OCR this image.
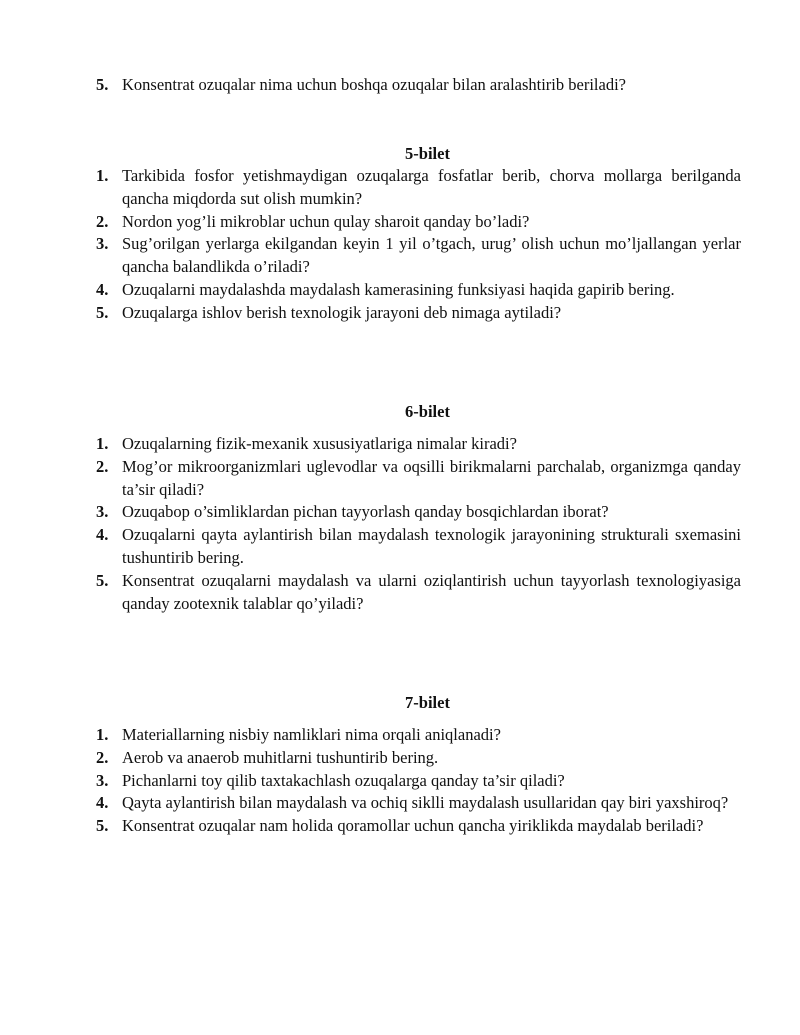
5. Konsentrat ozuqalar nima uchun boshqa ozuqalar bilan aralashtirib beriladi?
5-bilet
1. Tarkibida fosfor yetishmaydigan ozuqalarga fosfatlar berib, chorva mollarga berilganda qancha miqdorda sut olish mumkin?
2. Nordon yog’li mikroblar uchun qulay sharoit qanday bo’ladi?
3. Sug’orilgan yerlarga ekilgandan keyin 1 yil o’tgach, urug’ olish uchun mo’ljallangan yerlar qancha balandlikda o’riladi?
4. Ozuqalarni maydalashda maydalash kamerasining funksiyasi haqida gapirib bering.
5. Ozuqalarga ishlov berish texnologik jarayoni deb nimaga aytiladi?
6-bilet
1. Ozuqalarning fizik-mexanik xususiyatlariga nimalar kiradi?
2. Mog’or mikroorganizmlari uglevodlar va oqsilli birikmalarni parchalab, organizmga qanday ta’sir qiladi?
3. Ozuqabop o’simliklardan pichan tayyorlash qanday bosqichlardan iborat?
4. Ozuqalarni qayta aylantirish bilan maydalash texnologik jarayonining strukturali sxemasini tushuntirib bering.
5. Konsentrat ozuqalarni maydalash va ularni oziqlantirish uchun tayyorlash texnologiyasiga qanday zootexnik talablar qo’yiladi?
7-bilet
1. Materiallarning nisbiy namliklari nima orqali aniqlanadi?
2. Aerob va anaerob muhitlarni tushuntirib bering.
3. Pichanlarni toy qilib taxtakachlash ozuqalarga qanday ta’sir qiladi?
4. Qayta aylantirish bilan maydalash va ochiq siklli maydalash usullaridan qay biri yaxshiroq?
5. Konsentrat ozuqalar nam holida qoramollar uchun qancha yiriklikda maydalab beriladi?
